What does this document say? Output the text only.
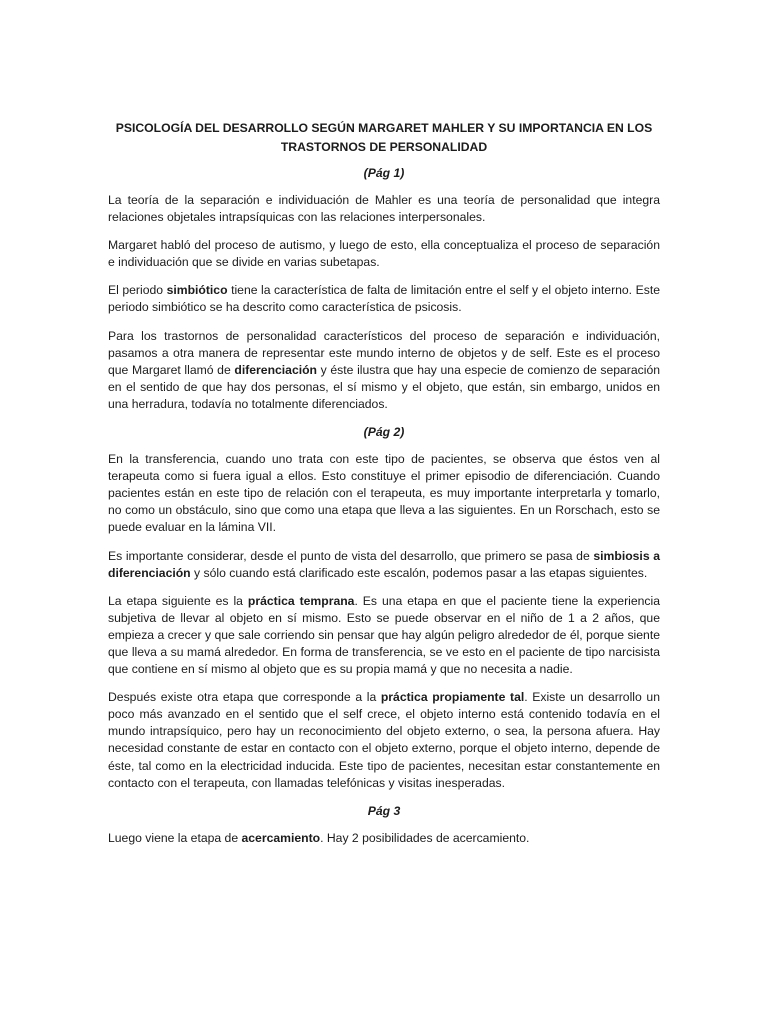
PSICOLOGÍA DEL DESARROLLO SEGÚN MARGARET MAHLER Y SU IMPORTANCIA EN LOS TRASTORNOS DE PERSONALIDAD
(Pág 1)

La teoría de la separación e individuación de Mahler es una teoría de personalidad que integra relaciones objetales intrapsíquicas con las relaciones interpersonales.

Margaret habló del proceso de autismo, y luego de esto, ella conceptualiza el proceso de separación e individuación que se divide en varias subetapas.

El periodo simbiótico tiene la característica de falta de limitación entre el self y el objeto interno. Este periodo simbiótico se ha descrito como característica de psicosis.

Para los trastornos de personalidad característicos del proceso de separación e individuación, pasamos a otra manera de representar este mundo interno de objetos y de self. Este es el proceso que Margaret llamó de diferenciación y éste ilustra que hay una especie de comienzo de separación en el sentido de que hay dos personas, el sí mismo y el objeto, que están, sin embargo, unidos en una herradura, todavía no totalmente diferenciados.

(Pág 2)

En la transferencia, cuando uno trata con este tipo de pacientes, se observa que éstos ven al terapeuta como si fuera igual a ellos. Esto constituye el primer episodio de diferenciación. Cuando pacientes están en este tipo de relación con el terapeuta, es muy importante interpretarla y tomarlo, no como un obstáculo, sino que como una etapa que lleva a las siguientes. En un Rorschach, esto se puede evaluar en la lámina VII.

Es importante considerar, desde el punto de vista del desarrollo, que primero se pasa de simbiosis a diferenciación y sólo cuando está clarificado este escalón, podemos pasar a las etapas siguientes.

La etapa siguiente es la práctica temprana. Es una etapa en que el paciente tiene la experiencia subjetiva de llevar al objeto en sí mismo. Esto se puede observar en el niño de 1 a 2 años, que empieza a crecer y que sale corriendo sin pensar que hay algún peligro alrededor de él, porque siente que lleva a su mamá alrededor. En forma de transferencia, se ve esto en el paciente de tipo narcisista que contiene en sí mismo al objeto que es su propia mamá y que no necesita a nadie.

Después existe otra etapa que corresponde a la práctica propiamente tal. Existe un desarrollo un poco más avanzado en el sentido que el self crece, el objeto interno está contenido todavía en el mundo intrapsíquico, pero hay un reconocimiento del objeto externo, o sea, la persona afuera. Hay necesidad constante de estar en contacto con el objeto externo, porque el objeto interno, depende de éste, tal como en la electricidad inducida. Este tipo de pacientes, necesitan estar constantemente en contacto con el terapeuta, con llamadas telefónicas y visitas inesperadas.

Pág 3

Luego viene la etapa de acercamiento. Hay 2 posibilidades de acercamiento.
